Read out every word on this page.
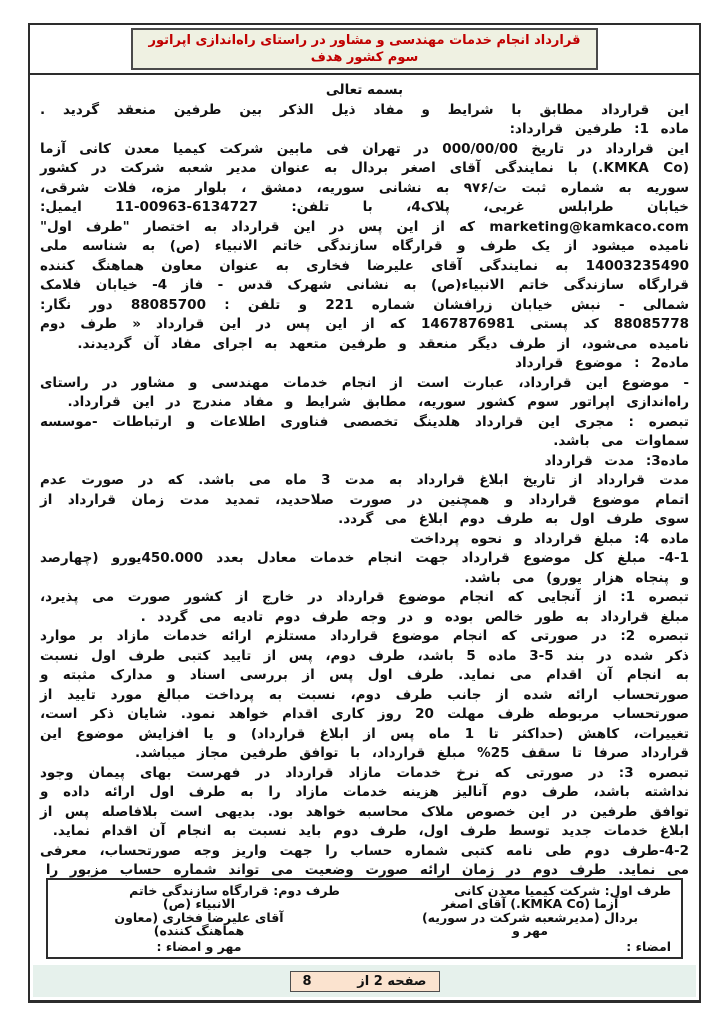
قرارداد انجام خدمات مهندسی و مشاور در راستای راه‌اندازی اپراتور
سوم کشور هدف

بسمه تعالی

این قرارداد مطابق با شرایط و مفاد ذیل الذکر بین طرفین منعقد گردید .

ماده 1: طرفین قرارداد:

این قرارداد در تاریخ 000/00/00 در تهران فی مابین شرکت کیمیا معدن کانی آزما (KMKA Co.) با نمایندگی آقای اصغر بردال به عنوان مدیر شعبه شرکت در کشور سوریه به شماره ثبت ت/۹۷۶ به نشانی سوریه، دمشق ، بلوار مزه، فلات شرقی، خیابان طرابلس غربی، پلاک4، با تلفن: 6134727-00963-11 ایمیل: marketing@kamkaco.com که از این پس در این قرارداد به اختصار "طرف اول" نامیده میشود از یک طرف و قرارگاه سازندگی خاتم الانبیاء (ص) به شناسه ملی 14003235490 به نمایندگی آقای علیرضا فخاری به عنوان معاون هماهنگ کننده قرارگاه سازندگی خاتم الانبیاء(ص) به نشانی شهرک قدس - فاز 4- خیابان فلامک شمالی - نبش خیابان زرافشان شماره 221 و تلفن : 88085700 دور نگار: 88085778 کد پستی 1467876981 که از این پس در این قرارداد « طرف دوم نامیده می‌شود، از طرف دیگر منعقد و طرفین متعهد به اجرای مفاد آن گردیدند.

ماده2 : موضوع قرارداد

- موضوع این قرارداد، عبارت است از انجام خدمات مهندسی و مشاور در راستای راه‌اندازی اپراتور سوم کشور سوریه، مطابق شرایط و مفاد مندرج در این قرارداد.

تبصره : مجری این قرارداد هلدینگ تخصصی فناوری اطلاعات و ارتباطات -موسسه سماوات می باشد.

ماده3: مدت قرارداد

مدت قرارداد از تاریخ ابلاغ قرارداد به مدت 3 ماه می باشد. که در صورت عدم اتمام موضوع قرارداد و همچنین در صورت صلاحدید، تمدید مدت زمان قرارداد از سوی طرف اول به طرف دوم ابلاغ می گردد.

ماده 4: مبلغ قرارداد و نحوه پرداخت

4-1- مبلغ کل موضوع قرارداد جهت انجام خدمات معادل بعدد 450.000یورو (چهارصد و پنجاه هزار یورو) می باشد.

تبصره 1: از آنجایی که انجام موضوع قرارداد در خارج از کشور صورت می پذیرد، مبلغ قرارداد به طور خالص بوده و در وجه طرف دوم تادیه می گردد .

تبصره 2: در صورتی که انجام موضوع قرارداد مستلزم ارائه خدمات مازاد بر موارد ذکر شده در بند 5-3 ماده 5 باشد، طرف دوم، پس از تایید کتبی طرف اول نسبت به انجام آن اقدام می نماید. طرف اول پس از بررسی اسناد و مدارک مثبته و صورتحساب ارائه شده از جانب طرف دوم، نسبت به پرداخت مبالغ مورد تایید از صورتحساب مربوطه ظرف مهلت 20 روز کاری اقدام خواهد نمود. شایان ذکر است، تغییرات، کاهش (حداکثر تا 1 ماه پس از ابلاغ قرارداد) و یا افزایش موضوع این قرارداد صرفا تا سقف 25% مبلغ قرارداد، با توافق طرفین مجاز میباشد.

تبصره 3: در صورتی که نرخ خدمات مازاد قرارداد در فهرست بهای پیمان وجود نداشته باشد، طرف دوم آنالیز هزینه خدمات مازاد را به طرف اول ارائه داده و توافق طرفین در این خصوص ملاک محاسبه خواهد بود. بدیهی است بلافاصله پس از ابلاغ خدمات جدید توسط طرف اول، طرف دوم باید نسبت به انجام آن اقدام نماید.

4-2-طرف دوم طی نامه کتبی شماره حساب را جهت واریز وجه صورتحساب، معرفی می نماید. طرف دوم در زمان ارائه صورت وضعیت می تواند شماره حساب مزبور را

طرف اول: شرکت کیمیا معدن کانی
آزما (KMKA Co.) آقای اصغر
بردال (مدیرشعبه شرکت در سوریه)
مهر و
امضاء :
طرف دوم: قرارگاه سازندگی خاتم
الانبیاء (ص)
آقای علیرضا فخاری (معاون
هماهنگ کننده)
مهر و امضاء :
صفحه 2 از
8
